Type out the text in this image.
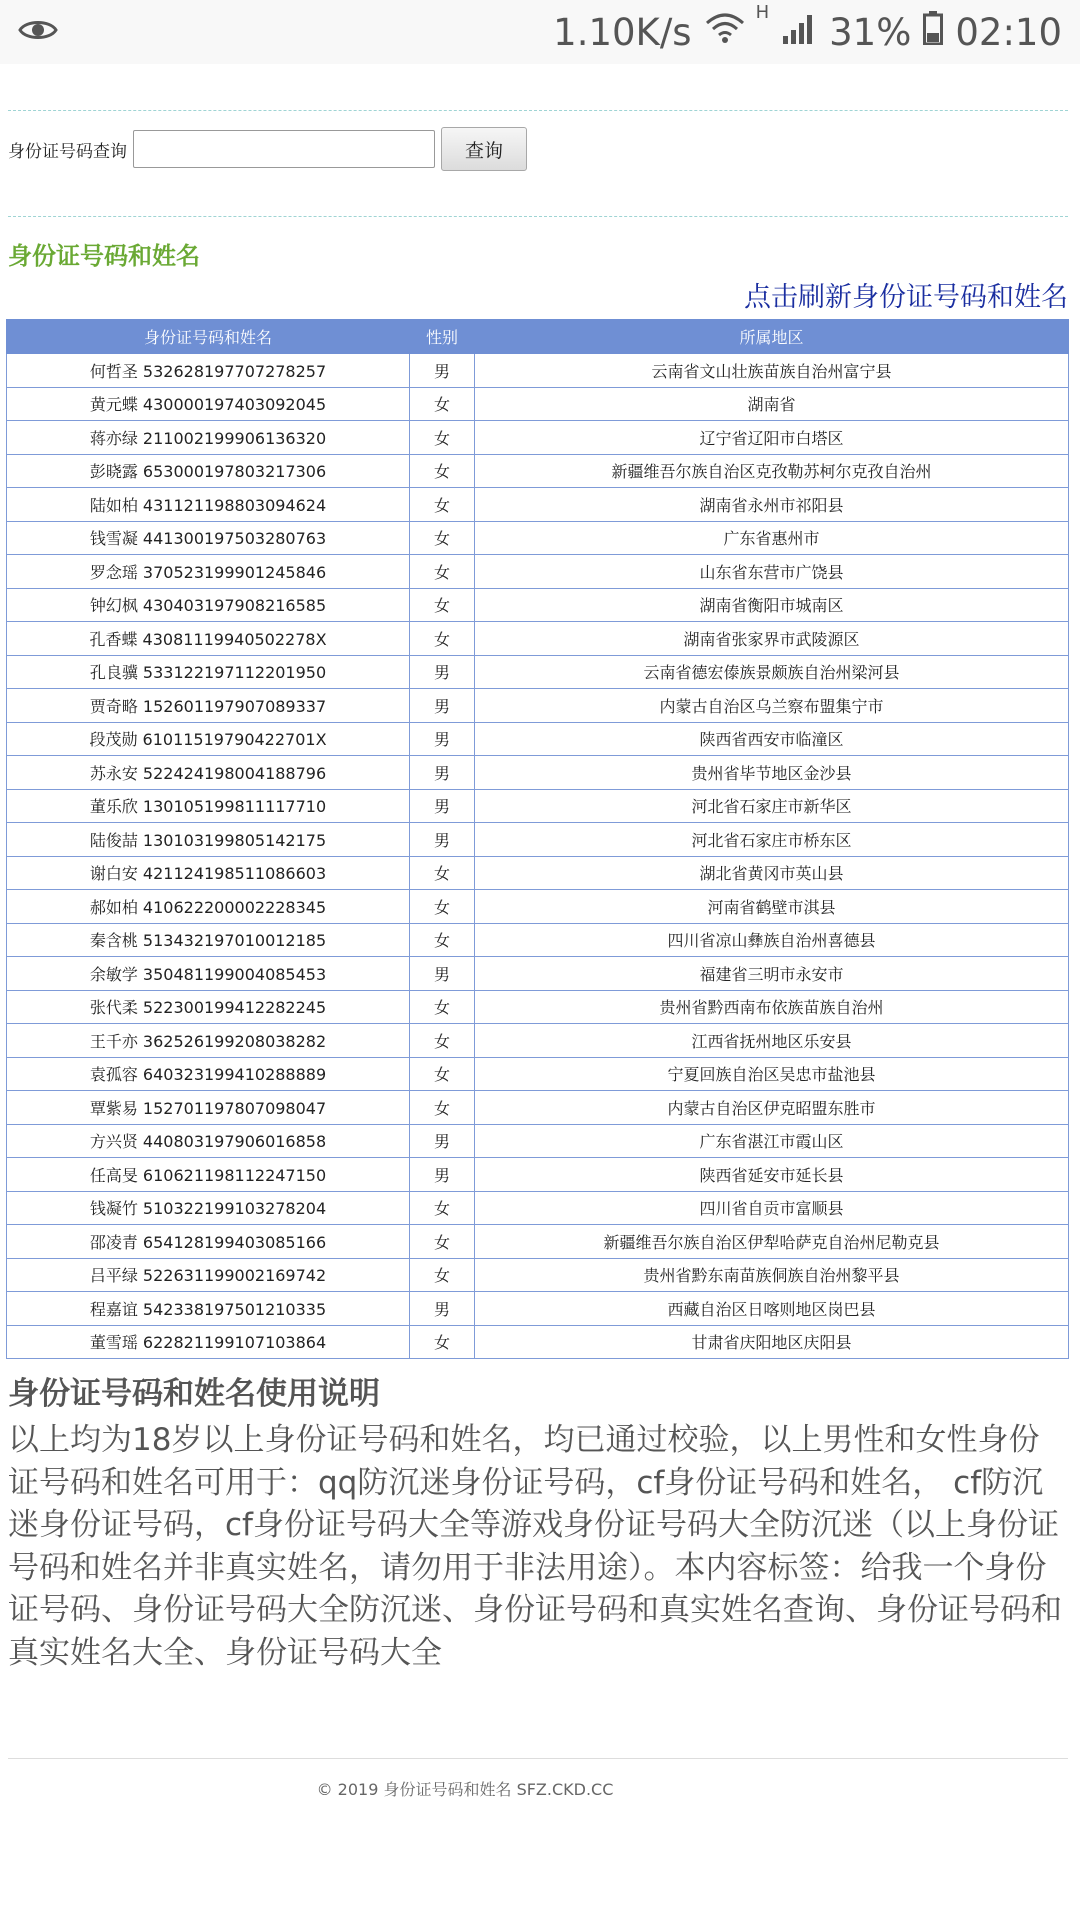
1.10K/s	$^H$ 31% 02:10
身份证号码查询	查询
身份证号码和姓名
点击刷新身份证号码和姓名
身份证号码和姓名	性别	所属地区
何哲圣 532628197707278257	男	云南省文山壮族苗族自治州富宁县
黄元蝶 430000197403092045	女	湖南省
蒋亦绿 211002199906136320	女	辽宁省辽阳市白塔区
彭晓露 653000197803217306	女	新疆维吾尔族自治区克孜勒苏柯尔克孜自治州
陆如柏 431121198803094624	女	湖南省永州市祁阳县
钱雪凝 441300197503280763	女	广东省惠州市
罗念瑶 370523199901245846	女	山东省东营市广饶县
钟幻枫 430403197908216585	女	湖南省衡阳市城南区
孔香蝶 43081119940502278X	女	湖南省张家界市武陵源区
孔良骥 533122197112201950	男	云南省德宏傣族景颇族自治州梁河县
贾奇略 152601197907089337	男	内蒙古自治区乌兰察布盟集宁市
段茂勋 61011519790422701X	男	陕西省西安市临潼区
苏永安 522424198004188796	男	贵州省毕节地区金沙县
董乐欣 130105199811117710	男	河北省石家庄市新华区
陆俊喆 130103199805142175	男	河北省石家庄市桥东区
谢白安 421124198511086603	女	湖北省黄冈市英山县
郝如柏 410622200002228345	女	河南省鹤壁市淇县
秦含桃 513432197010012185	女	四川省凉山彝族自治州喜德县
余敏学 350481199004085453	男	福建省三明市永安市
张代柔 522300199412282245	女	贵州省黔西南布依族苗族自治州
王千亦 362526199208038282	女	江西省抚州地区乐安县
袁孤容 640323199410288889	女	宁夏回族自治区吴忠市盐池县
覃紫易 152701197807098047	女	内蒙古自治区伊克昭盟东胜市
方兴贤 440803197906016858	男	广东省湛江市霞山区
任高旻 610621198112247150	男	陕西省延安市延长县
钱凝竹 510322199103278204	女	四川省自贡市富顺县
邵凌青 654128199403085166	女	新疆维吾尔族自治区伊犁哈萨克自治州尼勒克县
吕平绿 522631199002169742	女	贵州省黔东南苗族侗族自治州黎平县
程嘉谊 542338197501210335	男	西藏自治区日喀则地区岗巴县
董雪瑶 622821199107103864	女	甘肃省庆阳地区庆阳县

身份证号码和姓名使用说明

以上均为18岁以上身份证号码和姓名，均已通过校验，以上男性和女性身份证号码和姓名可用于：qq防沉迷身份证号码，cf身份证号码和姓名， cf防沉迷身份证号码，cf身份证号码大全等游戏身份证号码大全防沉迷（以上身份证号码和姓名并非真实姓名，请勿用于非法用途）。本内容标签：给我一个身份证号码、身份证号码大全防沉迷、身份证号码和真实姓名查询、身份证号码和真实姓名大全、身份证号码大全

© 2019 身份证号码和姓名 SFZ.CKD.CC
